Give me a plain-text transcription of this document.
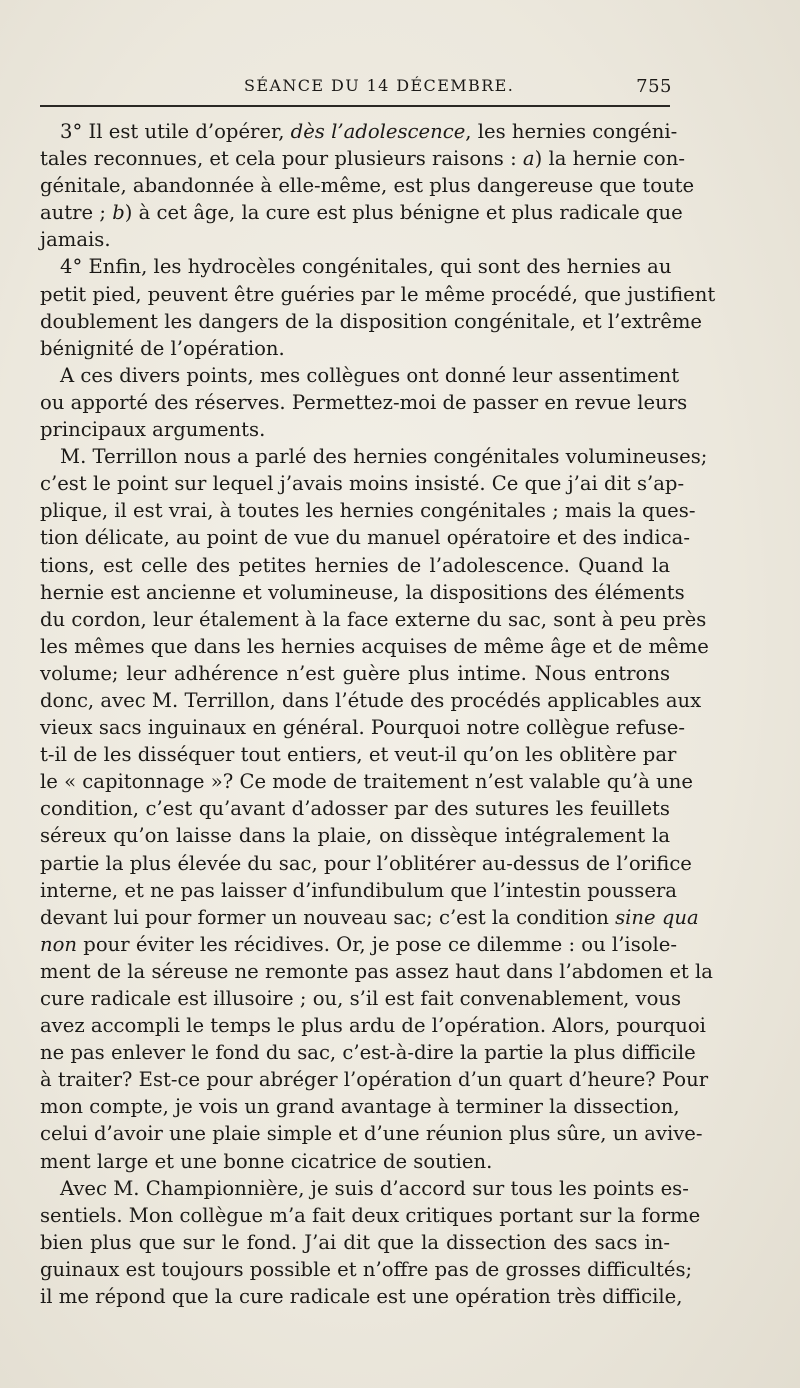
SÉANCE DU 14 DÉCEMBRE.	755
3° Il est utile d’opérer, dès l’adolescence, les hernies congéni-
tales reconnues, et cela pour plusieurs raisons : a) la hernie con-
génitale, abandonnée à elle-même, est plus dangereuse que toute
autre ; b) à cet âge, la cure est plus bénigne et plus radicale que
jamais.
4° Enfin, les hydrocèles congénitales, qui sont des hernies au
petit pied, peuvent être guéries par le même procédé, que justifient
doublement les dangers de la disposition congénitale, et l’extrême
bénignité de l’opération.
A ces divers points, mes collègues ont donné leur assentiment
ou apporté des réserves. Permettez-moi de passer en revue leurs
principaux arguments.
M. Terrillon nous a parlé des hernies congénitales volumineuses;
c’est le point sur lequel j’avais moins insisté. Ce que j’ai dit s’ap-
plique, il est vrai, à toutes les hernies congénitales ; mais la ques-
tion délicate, au point de vue du manuel opératoire et des indica-
tions, est celle des petites hernies de l’adolescence. Quand la
hernie est ancienne et volumineuse, la dispositions des éléments
du cordon, leur étalement à la face externe du sac, sont à peu près
les mêmes que dans les hernies acquises de même âge et de même
volume; leur adhérence n’est guère plus intime. Nous entrons
donc, avec M. Terrillon, dans l’étude des procédés applicables aux
vieux sacs inguinaux en général. Pourquoi notre collègue refuse-
t-il de les disséquer tout entiers, et veut-il qu’on les oblitère par
le « capitonnage »? Ce mode de traitement n’est valable qu’à une
condition, c’est qu’avant d’adosser par des sutures les feuillets
séreux qu’on laisse dans la plaie, on dissèque intégralement la
partie la plus élevée du sac, pour l’oblitérer au-dessus de l’orifice
interne, et ne pas laisser d’infundibulum que l’intestin poussera
devant lui pour former un nouveau sac; c’est la condition sine qua
non pour éviter les récidives. Or, je pose ce dilemme : ou l’isole-
ment de la séreuse ne remonte pas assez haut dans l’abdomen et la
cure radicale est illusoire ; ou, s’il est fait convenablement, vous
avez accompli le temps le plus ardu de l’opération. Alors, pourquoi
ne pas enlever le fond du sac, c’est-à-dire la partie la plus difficile
à traiter? Est-ce pour abréger l’opération d’un quart d’heure? Pour
mon compte, je vois un grand avantage à terminer la dissection,
celui d’avoir une plaie simple et d’une réunion plus sûre, un avive-
ment large et une bonne cicatrice de soutien.
Avec M. Championnière, je suis d’accord sur tous les points es-
sentiels. Mon collègue m’a fait deux critiques portant sur la forme
bien plus que sur le fond. J’ai dit que la dissection des sacs in-
guinaux est toujours possible et n’offre pas de grosses difficultés;
il me répond que la cure radicale est une opération très difficile,
